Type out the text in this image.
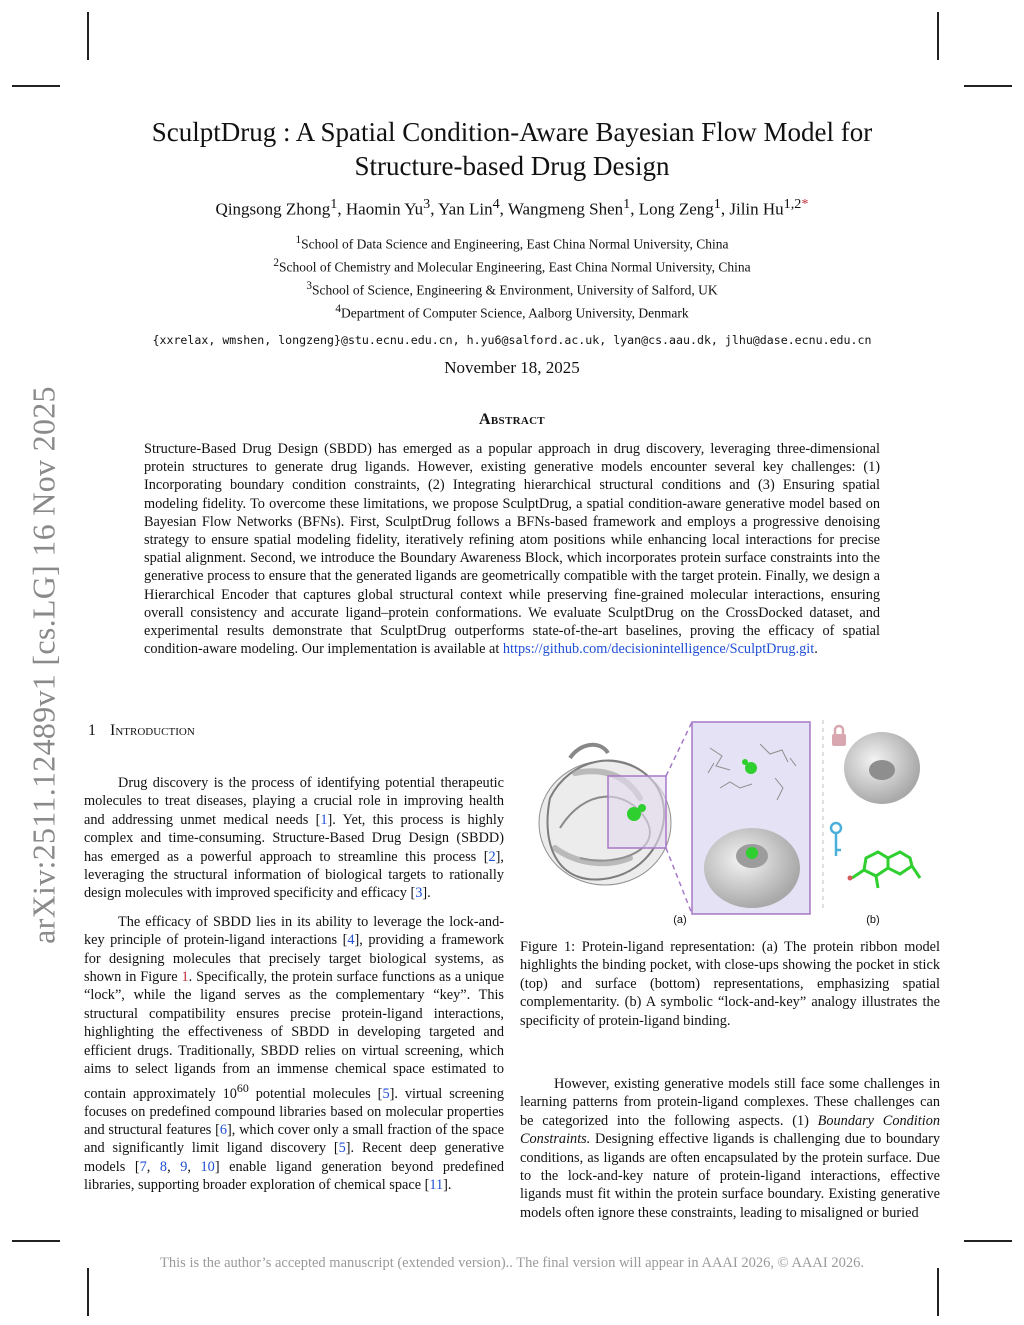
arXiv:2511.12489v1 [cs.LG] 16 Nov 2025
SculptDrug : A Spatial Condition-Aware Bayesian Flow Model for
Structure-based Drug Design
Qingsong Zhong$^1$, Haomin Yu$^3$, Yan Lin$^4$, Wangmeng Shen$^1$, Long Zeng$^1$, Jilin $Hu^{1,2*}$
$^1$School of Data Science and Engineering, East China Normal University, China
$^2$School of Chemistry and Molecular Engineering, East China Normal University, China
$^3$School of Science, Engineering & Environment, University of Salford, UK
$^4$Department of Computer Science, Aalborg University, Denmark
{xxrelax, wmshen, longzeng}@stu.ecnu.edu.cn, h.yu6@salford.ac.uk, lyan@cs.aau.dk, jlhu@dase.ecnu.edu.cn
November 18, 2025
Abstract
Structure-Based Drug Design (SBDD) has emerged as a popular approach in drug discovery, leveraging three-dimensional protein structures to generate drug ligands. However, existing generative models encounter several key challenges: (1) Incorporating boundary condition constraints, (2) Integrating hierarchical structural conditions and (3) Ensuring spatial modeling fidelity. To overcome these limitations, we propose SculptDrug, a spatial condition-aware generative model based on Bayesian Flow Networks (BFNs). First, SculptDrug follows a BFNs-based framework and employs a progressive denoising strategy to ensure spatial modeling fidelity, iteratively refining atom positions while enhancing local interactions for precise spatial alignment. Second, we introduce the Boundary Awareness Block, which incorporates protein surface constraints into the generative process to ensure that the generated ligands are geometrically compatible with the target protein. Finally, we design a Hierarchical Encoder that captures global structural context while preserving fine-grained molecular interactions, ensuring overall consistency and accurate ligand–protein conformations. We evaluate SculptDrug on the CrossDocked dataset, and experimental results demonstrate that SculptDrug outperforms state-of-the-art baselines, proving the efficacy of spatial condition-aware modeling. Our implementation is available at https://github.com/decisionintelligence/SculptDrug.git.
1 Introduction

Drug discovery is the process of identifying potential therapeutic molecules to treat diseases, playing a crucial role in improving health and addressing unmet medical needs [1]. Yet, this process is highly complex and time-consuming. Structure-Based Drug Design (SBDD) has emerged as a powerful approach to streamline this process [2], leveraging the structural information of biological targets to rationally design molecules with improved specificity and efficacy [3].

The efficacy of SBDD lies in its ability to leverage the lock-and-key principle of protein-ligand interactions [4], providing a framework for designing molecules that precisely target biological systems, as shown in Figure 1. Specifically, the protein surface functions as a unique “lock”, while the ligand serves as the complementary “key”. This structural compatibility ensures precise protein-ligand interactions, highlighting the effectiveness of SBDD in developing targeted and efficient drugs. Traditionally, SBDD relies on virtual screening, which aims to select ligands from an immense chemical space estimated to contain approximately $10^{60}$ potential molecules [5]. virtual screening focuses on predefined compound libraries based on molecular properties and structural features [6], which cover only a small fraction of the space and significantly limit ligand discovery [5]. Recent deep generative models [7, 8, 9, 10] enable ligand generation beyond predefined libraries, supporting broader exploration of chemical space [11].

(a)	(b)
Figure 1: Protein-ligand representation: (a) The protein ribbon model highlights the binding pocket, with close-ups showing the pocket in stick (top) and surface (bottom) representations, emphasizing spatial complementarity. (b) A symbolic “lock-and-key” analogy illustrates the specificity of protein-ligand binding.

However, existing generative models still face some challenges in learning patterns from protein-ligand complexes. These challenges can be categorized into the following aspects. (1) Boundary Condition Constraints. Designing effective ligands is challenging due to boundary conditions, as ligands are often encapsulated by the protein surface. Due to the lock-and-key nature of protein-ligand interactions, effective ligands must fit within the protein surface boundary. Existing generative models often ignore these constraints, leading to misaligned or buried

This is the author’s accepted manuscript (extended version).. The final version will appear in AAAI 2026, © AAAI 2026.
